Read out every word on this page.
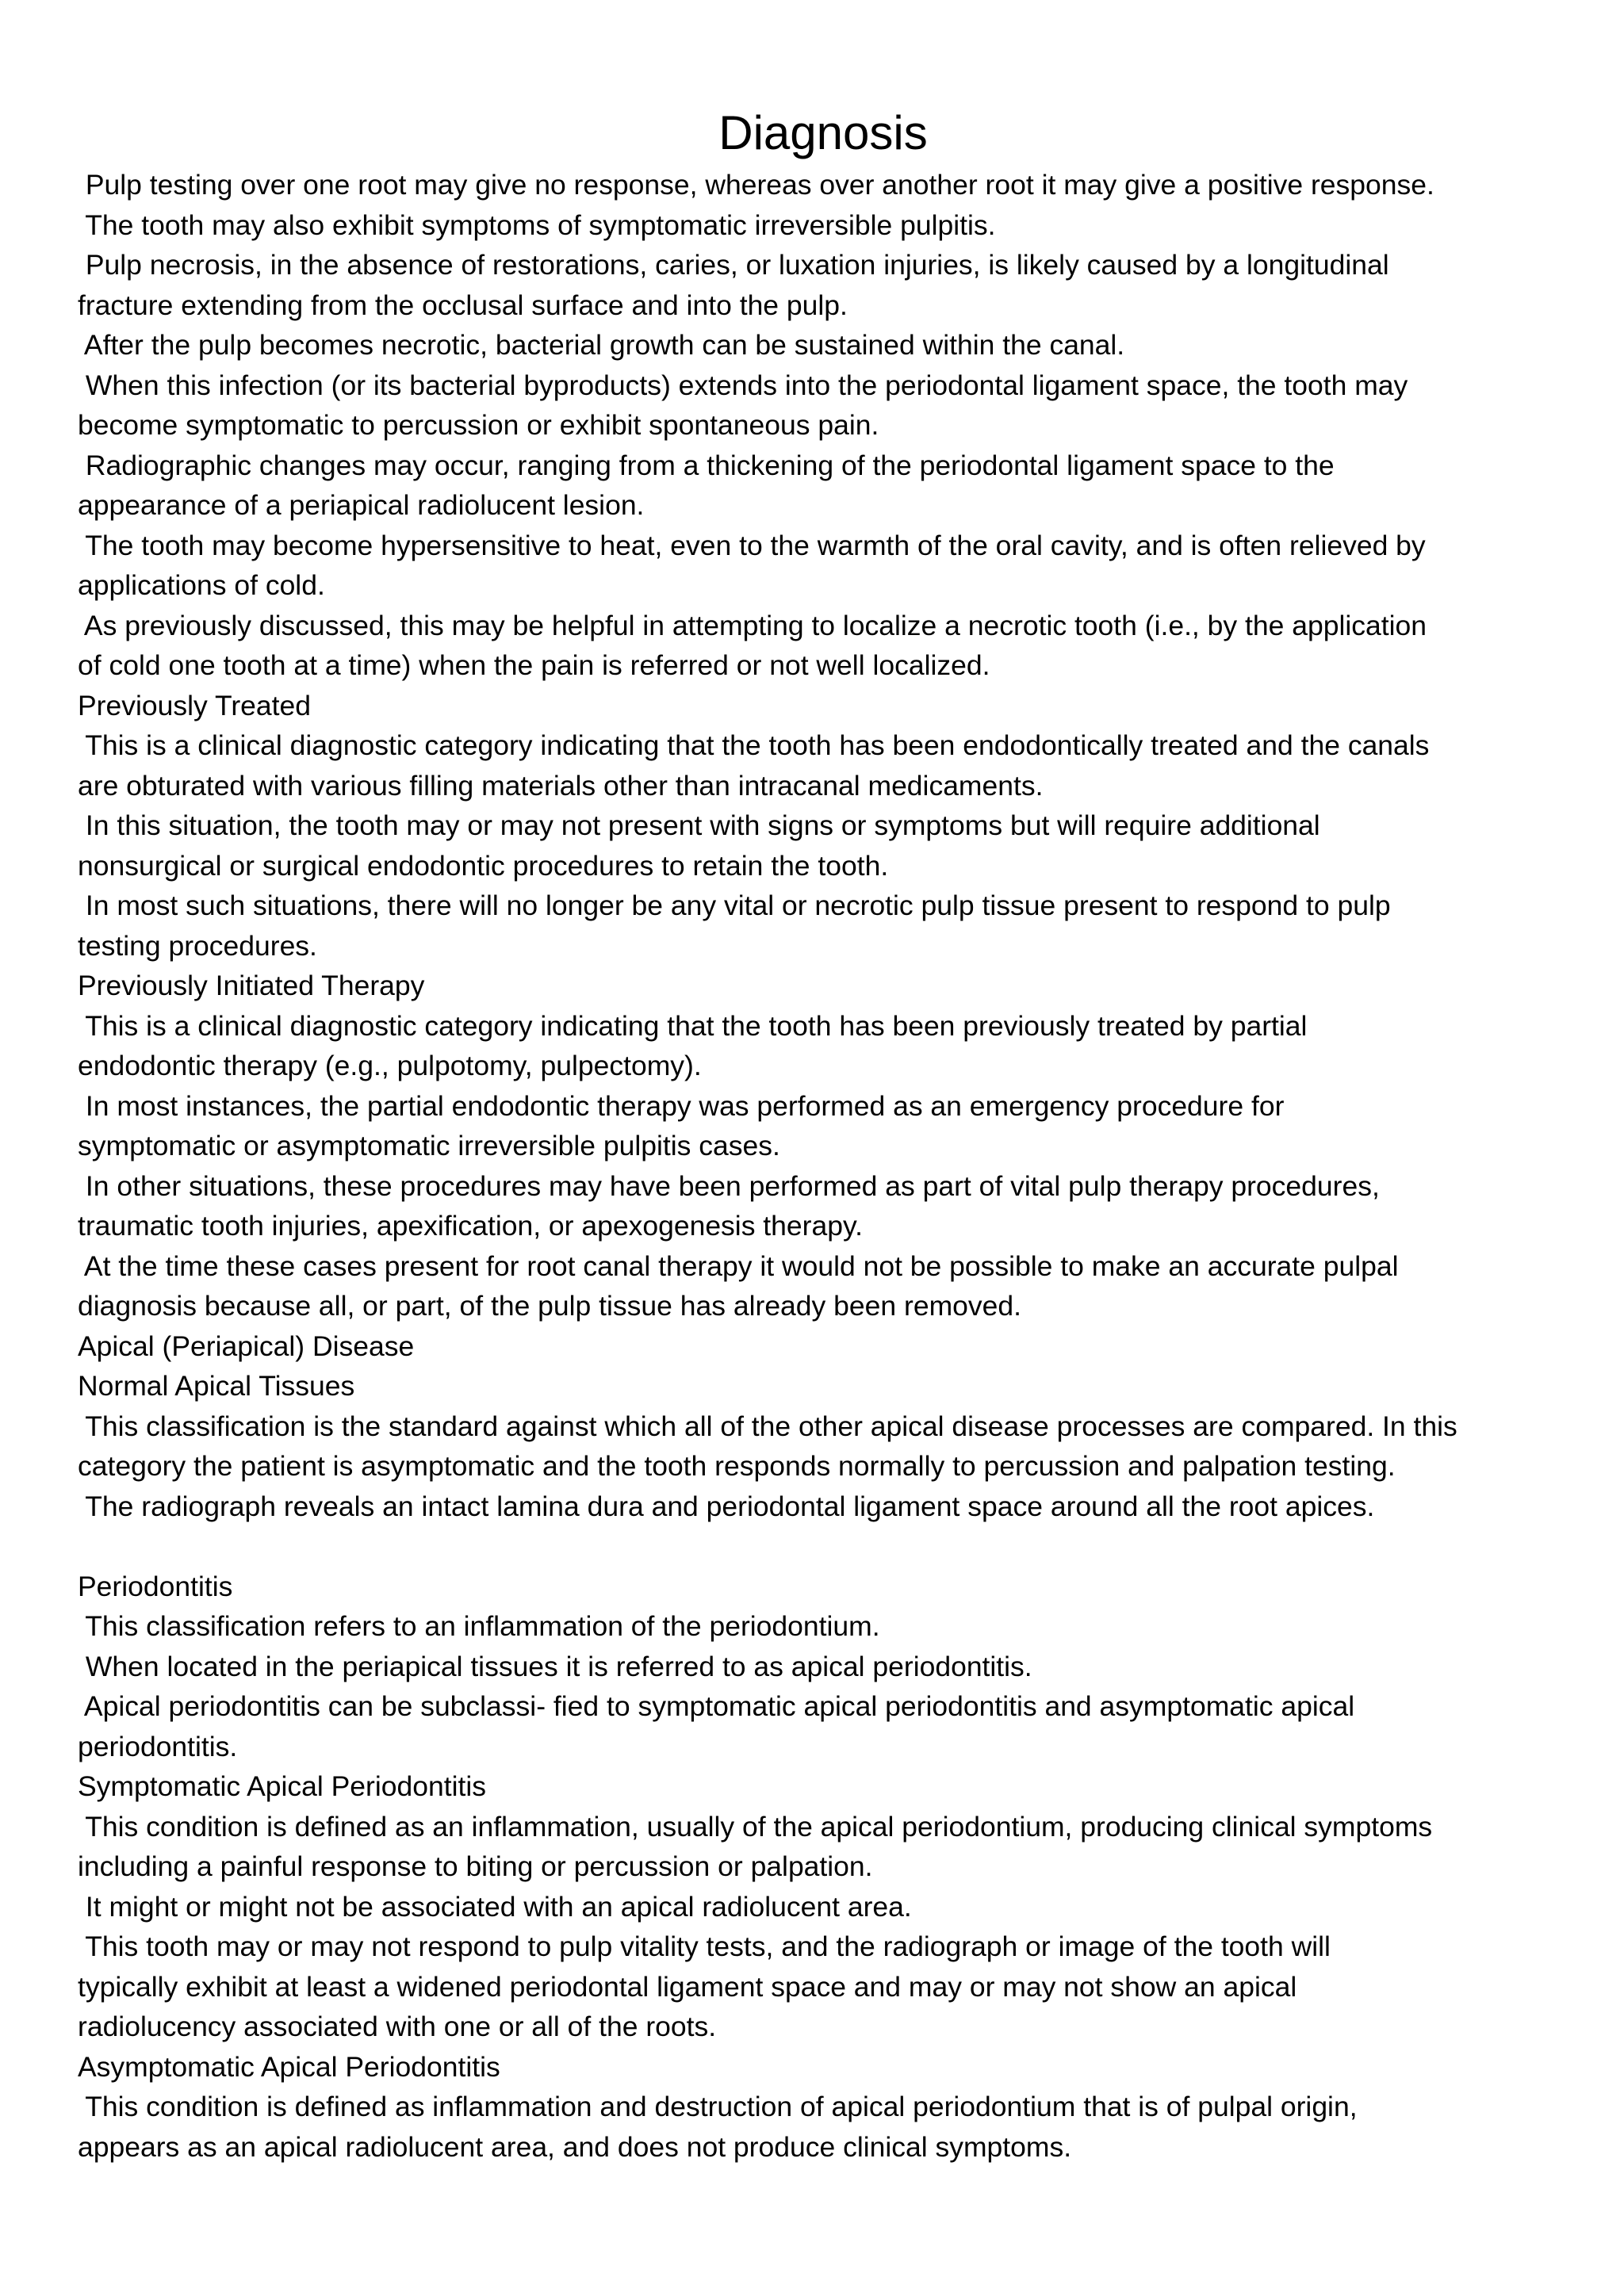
Diagnosis
Pulp testing over one root may give no response, whereas over another root it may give a positive response.
The tooth may also exhibit symptoms of symptomatic irreversible pulpitis.
Pulp necrosis, in the absence of restorations, caries, or luxation injuries, is likely caused by a longitudinal
fracture extending from the occlusal surface and into the pulp.
After the pulp becomes necrotic, bacterial growth can be sustained within the canal.
When this infection (or its bacterial byproducts) extends into the periodontal ligament space, the tooth may
become symptomatic to percussion or exhibit spontaneous pain.
Radiographic changes may occur, ranging from a thickening of the periodontal ligament space to the
appearance of a periapical radiolucent lesion.
The tooth may become hypersensitive to heat, even to the warmth of the oral cavity, and is often relieved by
applications of cold.
As previously discussed, this may be helpful in attempting to localize a necrotic tooth (i.e., by the application
of cold one tooth at a time) when the pain is referred or not well localized.
Previously Treated
This is a clinical diagnostic category indicating that the tooth has been endodontically treated and the canals
are obturated with various filling materials other than intracanal medicaments.
In this situation, the tooth may or may not present with signs or symptoms but will require additional
nonsurgical or surgical endodontic procedures to retain the tooth.
In most such situations, there will no longer be any vital or necrotic pulp tissue present to respond to pulp
testing procedures.
Previously Initiated Therapy
This is a clinical diagnostic category indicating that the tooth has been previously treated by partial
endodontic therapy (e.g., pulpotomy, pulpectomy).
In most instances, the partial endodontic therapy was performed as an emergency procedure for
symptomatic or asymptomatic irreversible pulpitis cases.
In other situations, these procedures may have been performed as part of vital pulp therapy procedures,
traumatic tooth injuries, apexification, or apexogenesis therapy.
At the time these cases present for root canal therapy it would not be possible to make an accurate pulpal
diagnosis because all, or part, of the pulp tissue has already been removed.
Apical (Periapical) Disease
Normal Apical Tissues
This classification is the standard against which all of the other apical disease processes are compared. In this
category the patient is asymptomatic and the tooth responds normally to percussion and palpation testing.
The radiograph reveals an intact lamina dura and periodontal ligament space around all the root apices.
Periodontitis
This classification refers to an inflammation of the periodontium.
When located in the periapical tissues it is referred to as apical periodontitis.
Apical periodontitis can be subclassi- fied to symptomatic apical periodontitis and asymptomatic apical
periodontitis.
Symptomatic Apical Periodontitis
This condition is defined as an inflammation, usually of the apical periodontium, producing clinical symptoms
including a painful response to biting or percussion or palpation.
It might or might not be associated with an apical radiolucent area.
This tooth may or may not respond to pulp vitality tests, and the radiograph or image of the tooth will
typically exhibit at least a widened periodontal ligament space and may or may not show an apical
radiolucency associated with one or all of the roots.
Asymptomatic Apical Periodontitis
This condition is defined as inflammation and destruction of apical periodontium that is of pulpal origin,
appears as an apical radiolucent area, and does not produce clinical symptoms.
